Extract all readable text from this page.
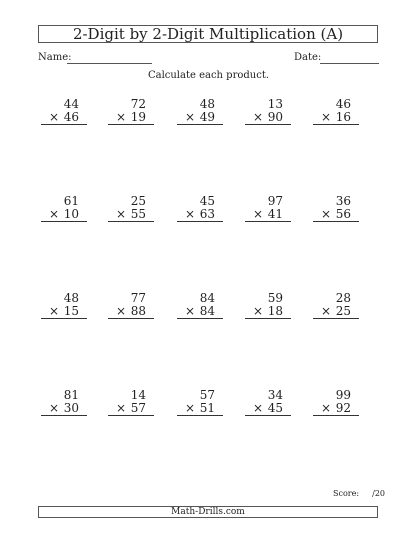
2-Digit by 2-Digit Multiplication (A)
Name:	Date:
Calculate each product.
44
× 46
72
× 19
48
× 49
13
× 90
46
× 16
61
× 10
25
× 55
45
× 63
97
× 41
36
× 56
48
× 15
77
× 88
84
× 84
59
× 18
28
× 25
81
× 30
14
× 57
57
× 51
34
× 45
99
× 92
Score: /20
Math-Drills.com
